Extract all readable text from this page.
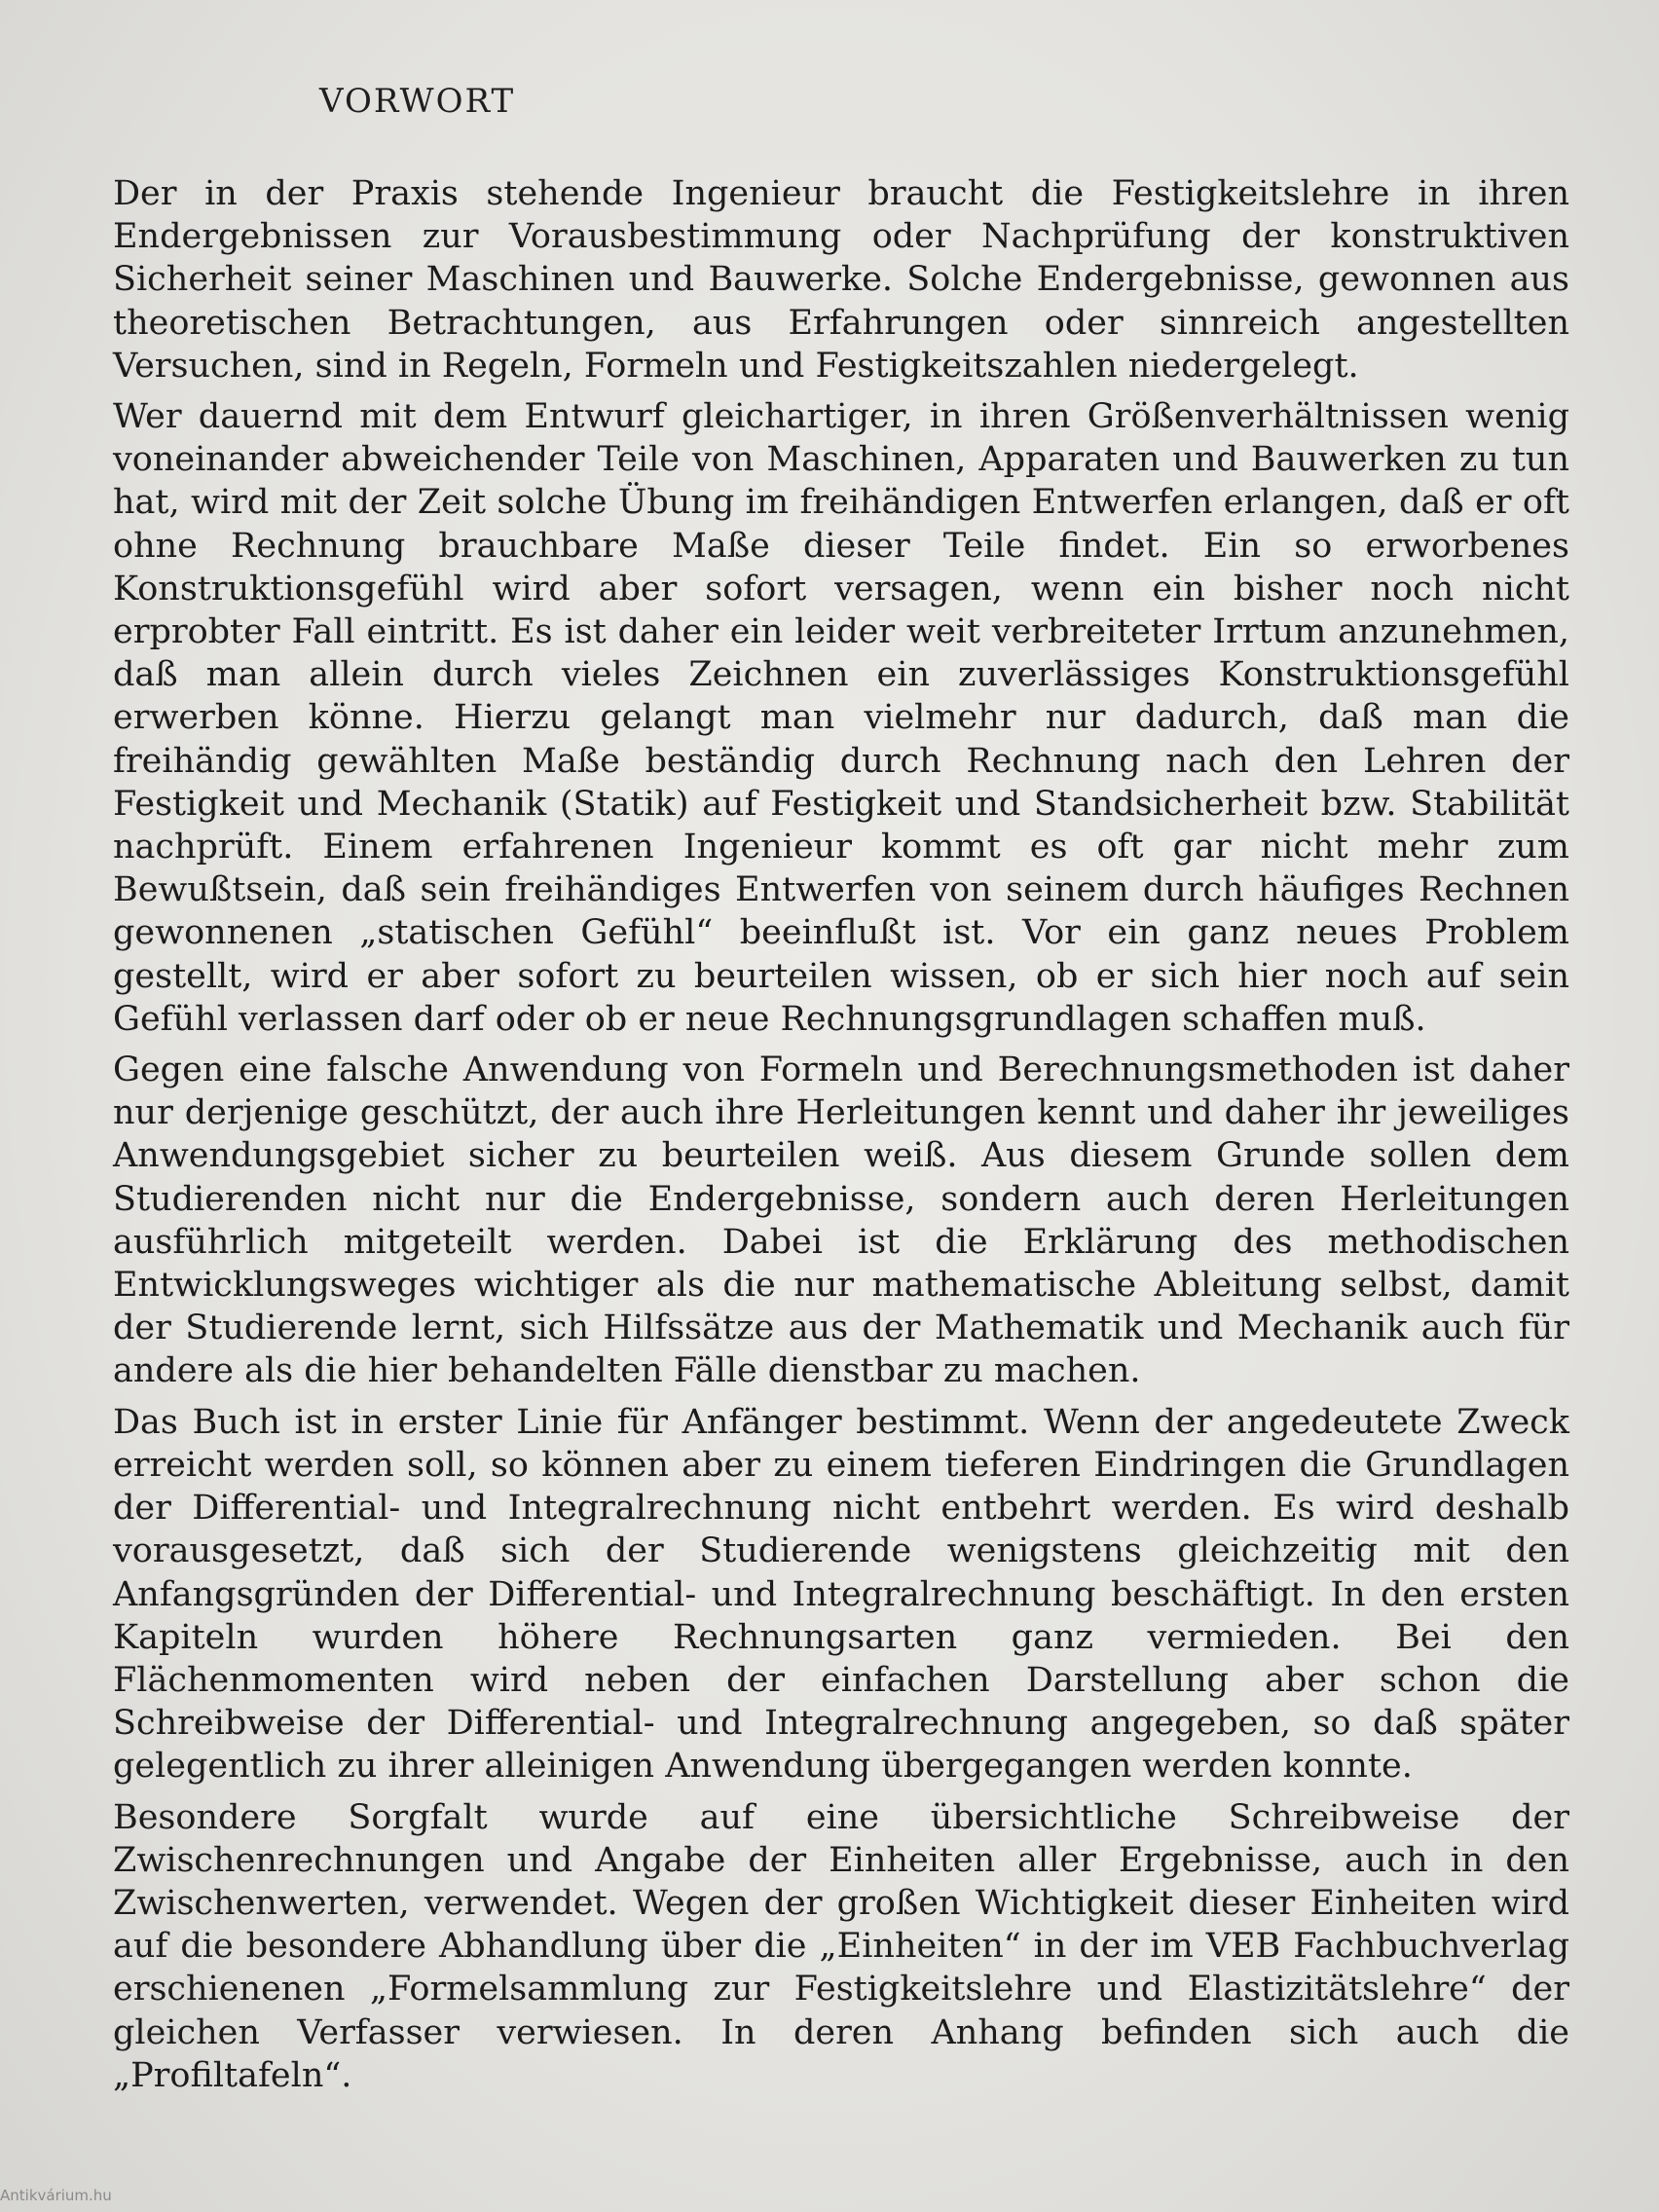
VORWORT

Der in der Praxis stehende Ingenieur braucht die Festigkeitslehre in ihren Endergebnissen zur Vorausbestimmung oder Nachprüfung der konstruktiven Sicherheit seiner Maschinen und Bauwerke. Solche Endergebnisse, gewonnen aus theoretischen Betrachtungen, aus Erfahrungen oder sinnreich angestellten Versuchen, sind in Regeln, Formeln und Festigkeitszahlen niedergelegt.

Wer dauernd mit dem Entwurf gleichartiger, in ihren Größenverhältnissen wenig voneinander abweichender Teile von Maschinen, Apparaten und Bauwerken zu tun hat, wird mit der Zeit solche Übung im freihändigen Entwerfen erlangen, daß er oft ohne Rechnung brauchbare Maße dieser Teile findet. Ein so erworbenes Konstruktionsgefühl wird aber sofort versagen, wenn ein bisher noch nicht erprobter Fall eintritt. Es ist daher ein leider weit verbreiteter Irrtum anzunehmen, daß man allein durch vieles Zeichnen ein zuverlässiges Konstruktionsgefühl erwerben könne. Hierzu gelangt man vielmehr nur dadurch, daß man die freihändig gewählten Maße beständig durch Rechnung nach den Lehren der Festigkeit und Mechanik (Statik) auf Festigkeit und Standsicherheit bzw. Stabilität nachprüft. Einem erfahrenen Ingenieur kommt es oft gar nicht mehr zum Bewußtsein, daß sein freihändiges Entwerfen von seinem durch häufiges Rechnen gewonnenen „statischen Gefühl“ beeinflußt ist. Vor ein ganz neues Problem gestellt, wird er aber sofort zu beurteilen wissen, ob er sich hier noch auf sein Gefühl verlassen darf oder ob er neue Rechnungsgrundlagen schaffen muß.

Gegen eine falsche Anwendung von Formeln und Berechnungsmethoden ist daher nur derjenige geschützt, der auch ihre Herleitungen kennt und daher ihr jeweiliges Anwendungsgebiet sicher zu beurteilen weiß. Aus diesem Grunde sollen dem Studierenden nicht nur die Endergebnisse, sondern auch deren Herleitungen ausführlich mitgeteilt werden. Dabei ist die Erklärung des methodischen Entwicklungsweges wichtiger als die nur mathematische Ableitung selbst, damit der Studierende lernt, sich Hilfssätze aus der Mathematik und Mechanik auch für andere als die hier behandelten Fälle dienstbar zu machen.

Das Buch ist in erster Linie für Anfänger bestimmt. Wenn der angedeutete Zweck erreicht werden soll, so können aber zu einem tieferen Eindringen die Grundlagen der Differential- und Integralrechnung nicht entbehrt werden. Es wird deshalb vorausgesetzt, daß sich der Studierende wenigstens gleichzeitig mit den Anfangsgründen der Differential- und Integralrechnung beschäftigt. In den ersten Kapiteln wurden höhere Rechnungsarten ganz vermieden. Bei den Flächenmomenten wird neben der einfachen Darstellung aber schon die Schreibweise der Differential- und Integralrechnung angegeben, so daß später gelegentlich zu ihrer alleinigen Anwendung übergegangen werden konnte.

Besondere Sorgfalt wurde auf eine übersichtliche Schreibweise der Zwischenrechnungen und Angabe der Einheiten aller Ergebnisse, auch in den Zwischenwerten, verwendet. Wegen der großen Wichtigkeit dieser Einheiten wird auf die besondere Abhandlung über die „Einheiten“ in der im VEB Fachbuchverlag erschienenen „Formelsammlung zur Festigkeitslehre und Elastizitätslehre“ der gleichen Verfasser verwiesen. In deren Anhang befinden sich auch die „Profiltafeln“.

Antikvárium.hu
